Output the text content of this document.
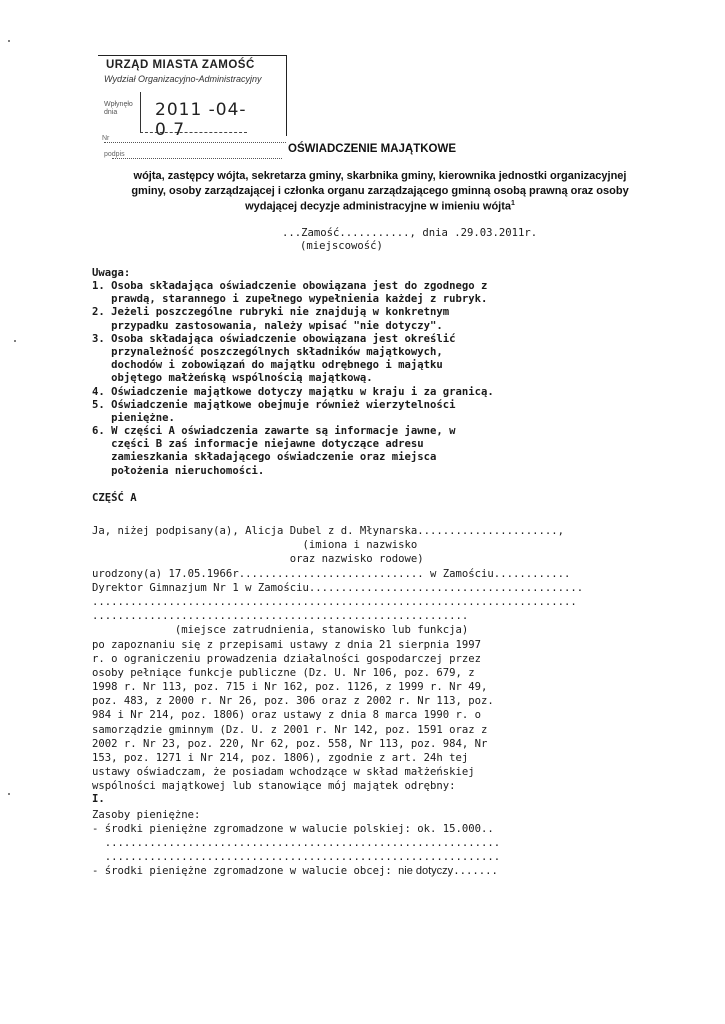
URZĄD MIASTA ZAMOŚĆ
Wydział Organizacyjno-Administracyjny
Wpłynęło dnia	2011 -04- 0 7
Nr
podpis	OŚWIADCZENIE MAJĄTKOWE
wójta, zastępcy wójta, sekretarza gminy, skarbnika gminy, kierownika jednostki organizacyjnej
gminy, osoby zarządzającej i członka organu zarządzającego gminną osobą prawną oraz osoby
wydającej decyzje administracyjne w imieniu wójta$^1$
...Zamość..........., dnia .29.03.2011r.
(miejscowość)
Uwaga:
1. Osoba składająca oświadczenie obowiązana jest do zgodnego z
prawdą, starannego i zupełnego wypełnienia każdej z rubryk.
2. Jeżeli poszczególne rubryki nie znajdują w konkretnym
przypadku zastosowania, należy wpisać "nie dotyczy".
3. Osoba składająca oświadczenie obowiązana jest określić
przynależność poszczególnych składników majątkowych,
dochodów i zobowiązań do majątku odrębnego i majątku
objętego małżeńską wspólnością majątkową.
4. Oświadczenie majątkowe dotyczy majątku w kraju i za granicą.
5. Oświadczenie majątkowe obejmuje również wierzytelności
pieniężne.
6. W części A oświadczenia zawarte są informacje jawne, w
części B zaś informacje niejawne dotyczące adresu
zamieszkania składającego oświadczenie oraz miejsca
położenia nieruchomości.
CZĘŚĆ A
Ja, niżej podpisany(a), Alicja Dubel z d. Młynarska......................,
(imiona i nazwisko
oraz nazwisko rodowe)
urodzony(a) 17.05.1966r............................. w Zamościu............
Dyrektor Gimnazjum Nr 1 w Zamościu...........................................
............................................................................
...........................................................
(miejsce zatrudnienia, stanowisko lub funkcja)
po zapoznaniu się z przepisami ustawy z dnia 21 sierpnia 1997
r. o ograniczeniu prowadzenia działalności gospodarczej przez
osoby pełniące funkcje publiczne (Dz. U. Nr 106, poz. 679, z
1998 r. Nr 113, poz. 715 i Nr 162, poz. 1126, z 1999 r. Nr 49,
poz. 483, z 2000 r. Nr 26, poz. 306 oraz z 2002 r. Nr 113, poz.
984 i Nr 214, poz. 1806) oraz ustawy z dnia 8 marca 1990 r. o
samorządzie gminnym (Dz. U. z 2001 r. Nr 142, poz. 1591 oraz z
2002 r. Nr 23, poz. 220, Nr 62, poz. 558, Nr 113, poz. 984, Nr
153, poz. 1271 i Nr 214, poz. 1806), zgodnie z art. 24h tej
ustawy oświadczam, że posiadam wchodzące w skład małżeńskiej
wspólności majątkowej lub stanowiące mój majątek odrębny:
I.
Zasoby pieniężne:
- środki pieniężne zgromadzone w walucie polskiej: ok. 15.000..
..............................................................
..............................................................
- środki pieniężne zgromadzone w walucie obcej: nie dotyczy.......
